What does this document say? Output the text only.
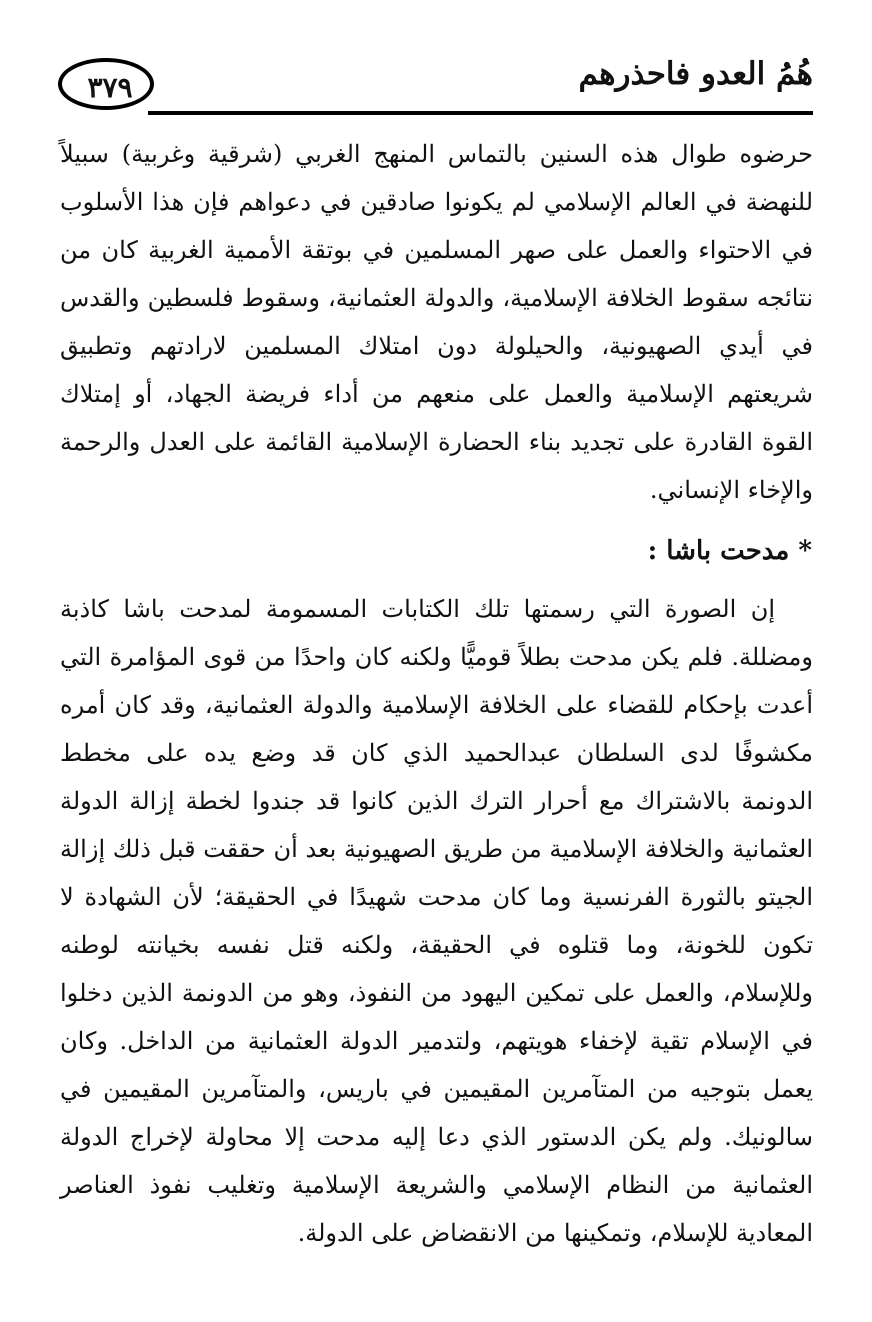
٣٧٩	هُمُ العدو فاحذرهم

حرضوه طوال هذه السنين بالتماس المنهج الغربي (شرقية وغربية) سبيلاً للنهضة في العالم الإسلامي لم يكونوا صادقين في دعواهم فإن هذا الأسلوب في الاحتواء والعمل على صهر المسلمين في بوتقة الأممية الغربية كان من نتائجه سقوط الخلافة الإسلامية، والدولة العثمانية، وسقوط فلسطين والقدس في أيدي الصهيونية، والحيلولة دون امتلاك المسلمين لارادتهم وتطبيق شريعتهم الإسلامية والعمل على منعهم من أداء فريضة الجهاد، أو إمتلاك القوة القادرة على تجديد بناء الحضارة الإسلامية القائمة على العدل والرحمة والإخاء الإنساني.

* مدحت باشا :

إن الصورة التي رسمتها تلك الكتابات المسمومة لمدحت باشا كاذبة ومضللة. فلم يكن مدحت بطلاً قوميًّا ولكنه كان واحدًا من قوى المؤامرة التي أعدت بإحكام للقضاء على الخلافة الإسلامية والدولة العثمانية، وقد كان أمره مكشوفًا لدى السلطان عبدالحميد الذي كان قد وضع يده على مخطط الدونمة بالاشتراك مع أحرار الترك الذين كانوا قد جندوا لخطة إزالة الدولة العثمانية والخلافة الإسلامية من طريق الصهيونية بعد أن حققت قبل ذلك إزالة الجيتو بالثورة الفرنسية وما كان مدحت شهيدًا في الحقيقة؛ لأن الشهادة لا تكون للخونة، وما قتلوه في الحقيقة، ولكنه قتل نفسه بخيانته لوطنه وللإسلام، والعمل على تمكين اليهود من النفوذ، وهو من الدونمة الذين دخلوا في الإسلام تقية لإخفاء هويتهم، ولتدمير الدولة العثمانية من الداخل. وكان يعمل بتوجيه من المتآمرين المقيمين في باريس، والمتآمرين المقيمين في سالونيك. ولم يكن الدستور الذي دعا إليه مدحت إلا محاولة لإخراج الدولة العثمانية من النظام الإسلامي والشريعة الإسلامية وتغليب نفوذ العناصر المعادية للإسلام، وتمكينها من الانقضاض على الدولة.
